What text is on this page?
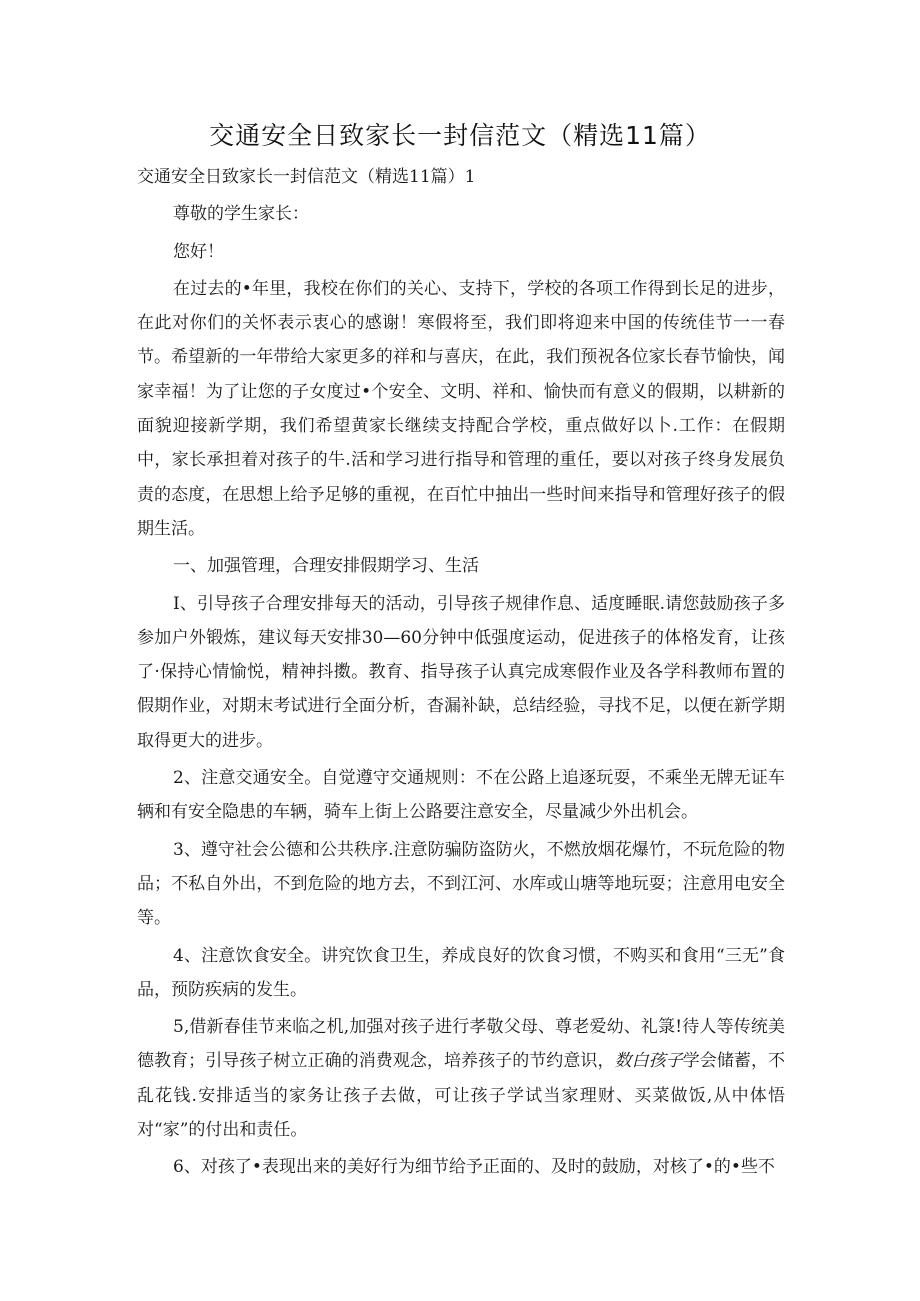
交通安全日致家长一封信范文（精选11篇）

交通安全日致家长一封信范文（精选11篇）1

尊敬的学生家长：

您好！

在过去的•年里，我校在你们的关心、支持下，学校的各项工作得到长足的进步，在此对你们的关怀表示衷心的感谢！寒假将至，我们即将迎来中国的传统佳节一一春节。希望新的一年带给大家更多的祥和与喜庆，在此，我们预祝各位家长春节愉快，闻家幸福！为了让您的子女度过•个安全、文明、祥和、愉快而有意义的假期，以耕新的面貌迎接新学期，我们希望黄家长继续支持配合学校，重点做好以卜.工作：在假期中，家长承担着对孩子的牛.活和学习进行指导和管理的重任，要以对孩子终身发展负责的态度，在思想上给予足够的重视，在百忙中抽出一些时间来指导和管理好孩子的假期生活。

一、加强管理，合理安排假期学习、生活

I、引导孩子合理安排每天的活动，引导孩子规律作息、适度睡眠.请您鼓励孩子多参加户外锻炼，建议每天安排30—60分钟中低强度运动，促进孩子的体格发育，让孩了·保持心情愉悦，精神抖擞。教育、指导孩子认真完成寒假作业及各学科教师布置的假期作业，对期末考试进行全面分析，杳漏补缺，总结经验，寻找不足，以便在新学期取得更大的进步。

2、注意交通安全。自觉遵守交通规则：不在公路上追逐玩耍，不乘坐无牌无证车辆和有安全隐患的车辆，骑车上街上公路要注意安全，尽量减少外出机会。

3、遵守社会公德和公共秩序.注意防骗防盗防火，不燃放烟花爆竹，不玩危险的物品；不私自外出，不到危险的地方去，不到江河、水库或山塘等地玩耍；注意用电安全等。

4、注意饮食安全。讲究饮食卫生，养成良好的饮食习惯，不购买和食用“三无”食品，预防疾病的发生。

5,借新春佳节来临之机,加强对孩子进行孝敬父母、尊老爱幼、礼箓!待人等传统美德教育；引导孩子树立正确的消费观念，培养孩子的节约意识，数白孩子学会储蓄，不乱花钱.安排适当的家务让孩子去做，可让孩子学试当家理财、买菜做饭,从中体悟对“家”的付出和责任。

6、对孩了•表现出来的美好行为细节给予正面的、及时的鼓励，对核了•的•些不
